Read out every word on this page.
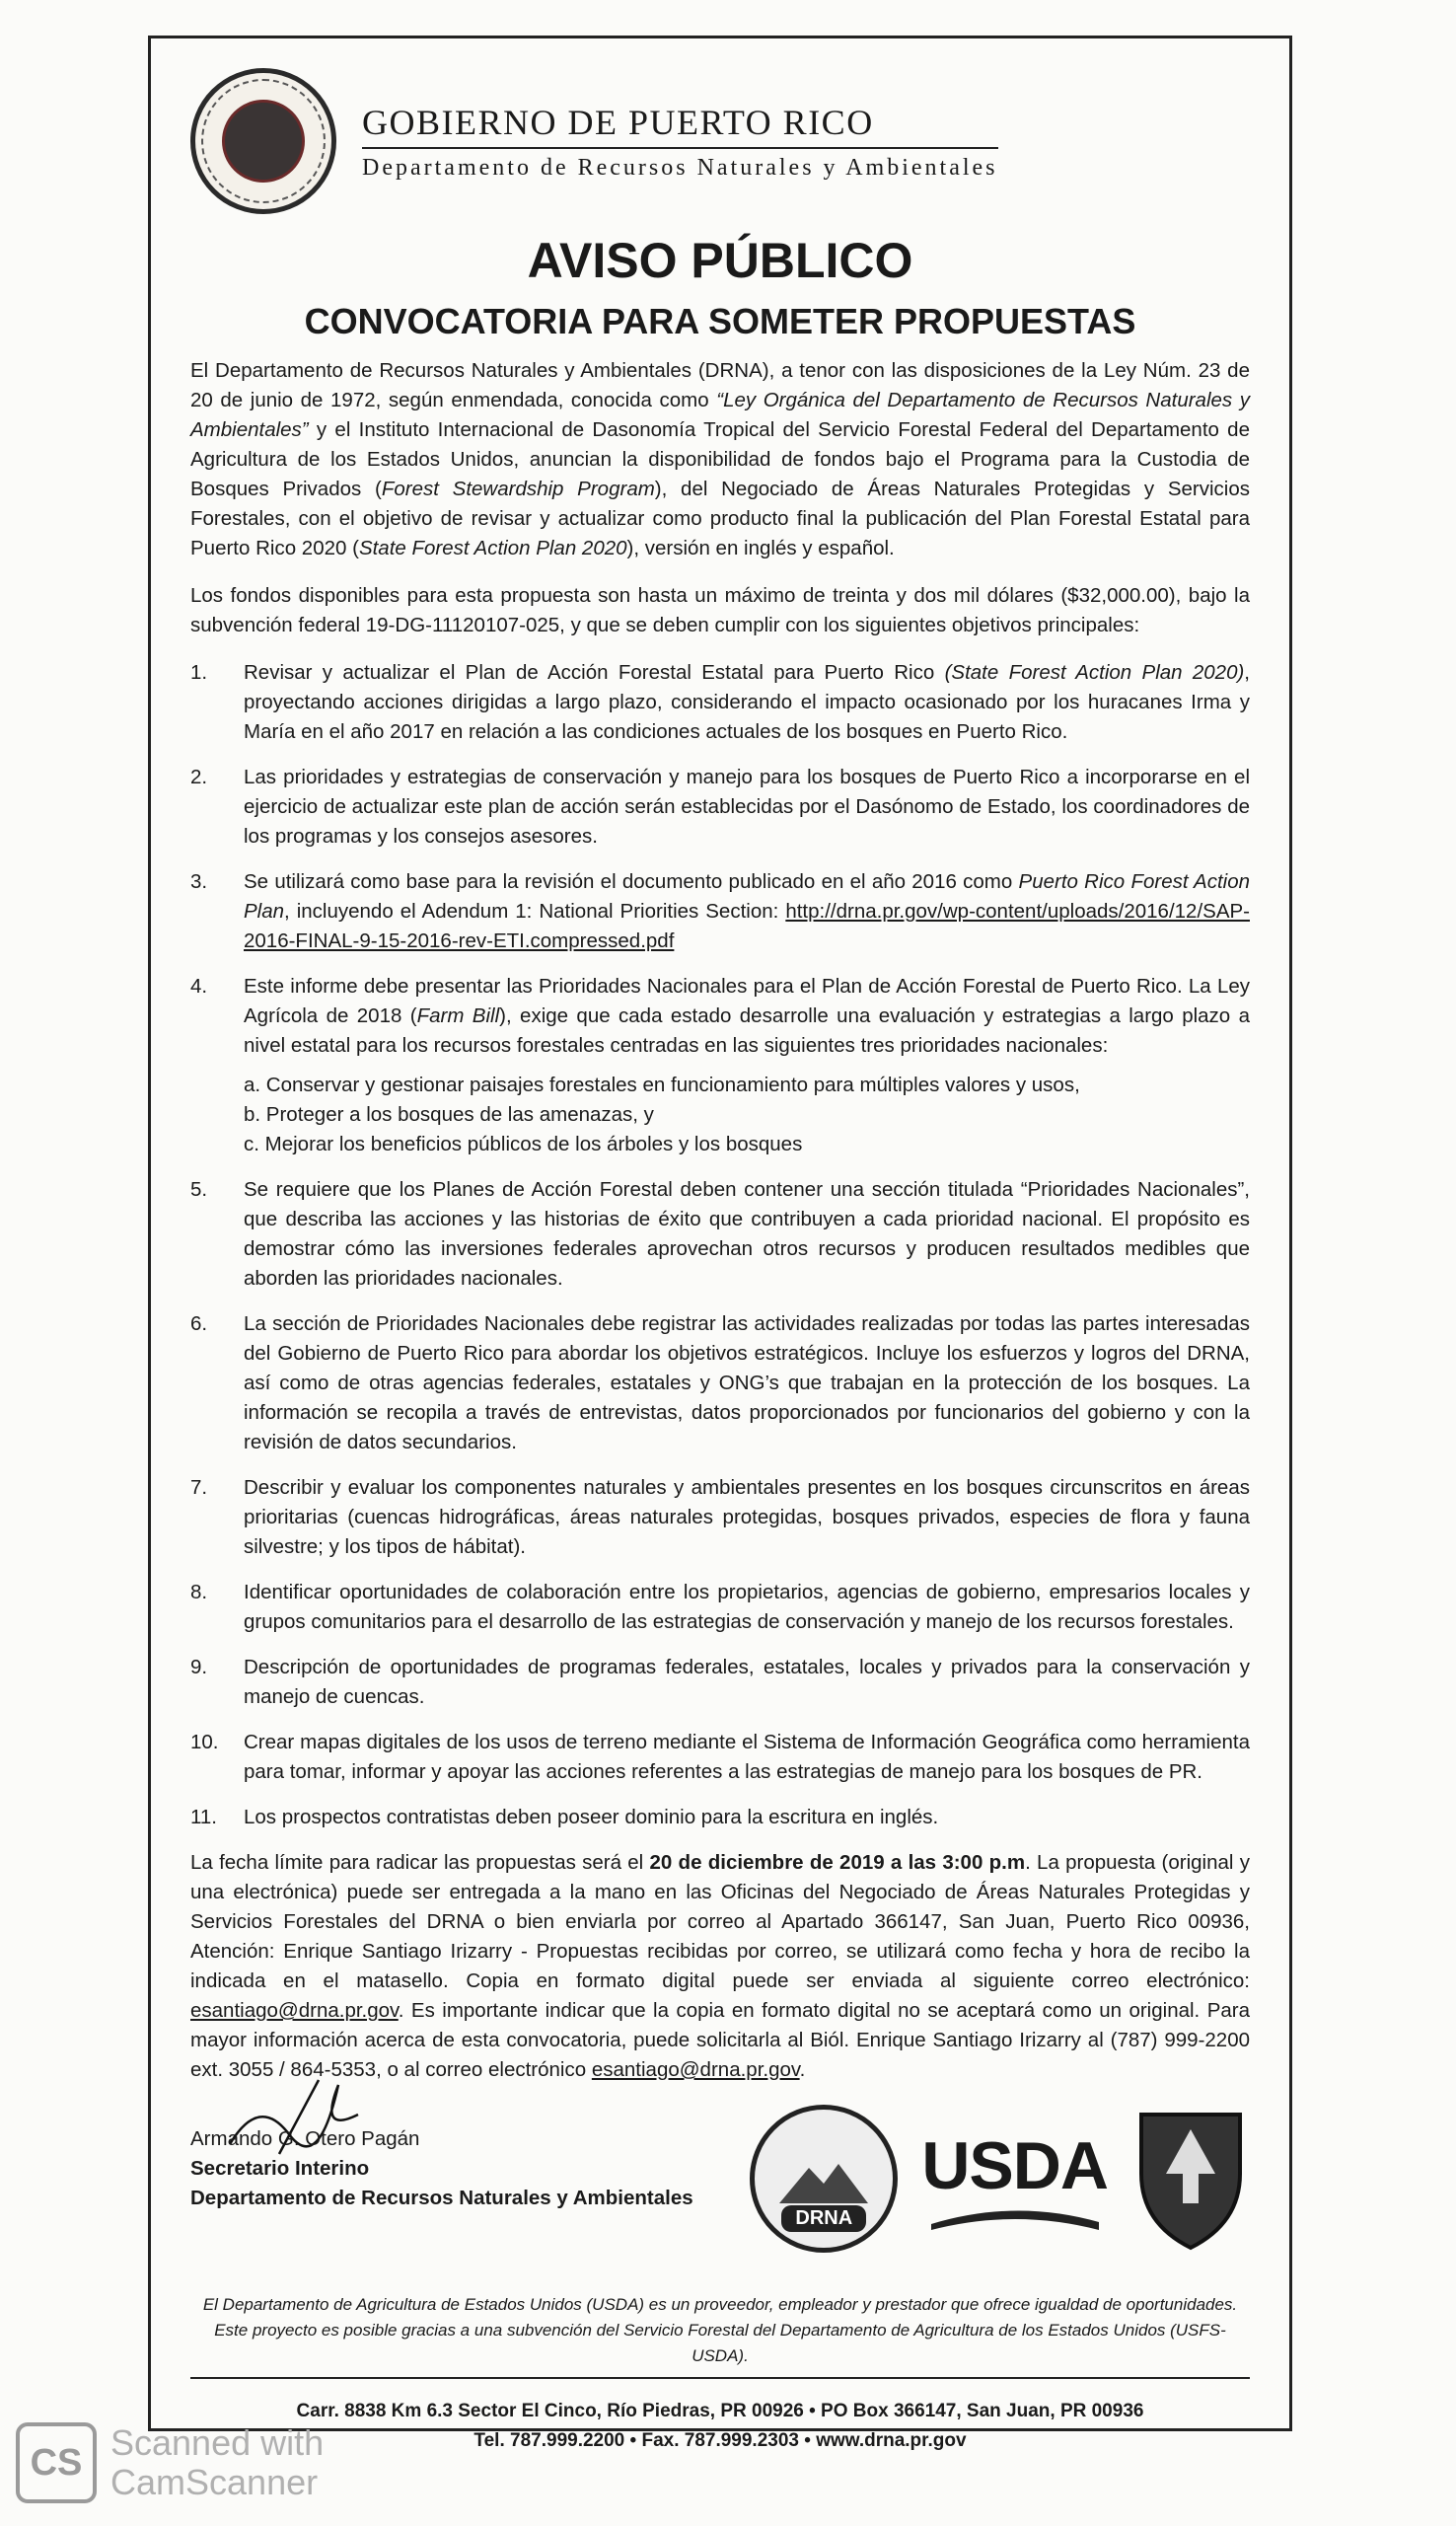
GOBIERNO DE PUERTO RICO
Departamento de Recursos Naturales y Ambientales
AVISO PÚBLICO
CONVOCATORIA PARA SOMETER PROPUESTAS

El Departamento de Recursos Naturales y Ambientales (DRNA), a tenor con las disposiciones de la Ley Núm. 23 de 20 de junio de 1972, según enmendada, conocida como “Ley Orgánica del Departamento de Recursos Naturales y Ambientales” y el Instituto Internacional de Dasonomía Tropical del Servicio Forestal Federal del Departamento de Agricultura de los Estados Unidos, anuncian la disponibilidad de fondos bajo el Programa para la Custodia de Bosques Privados (Forest Stewardship Program), del Negociado de Áreas Naturales Protegidas y Servicios Forestales, con el objetivo de revisar y actualizar como producto final la publicación del Plan Forestal Estatal para Puerto Rico 2020 (State Forest Action Plan 2020), versión en inglés y español.

Los fondos disponibles para esta propuesta son hasta un máximo de treinta y dos mil dólares ($32,000.00), bajo la subvención federal 19-DG-11120107-025, y que se deben cumplir con los siguientes objetivos principales:

1.	Revisar y actualizar el Plan de Acción Forestal Estatal para Puerto Rico (State Forest Action Plan 2020), proyectando acciones dirigidas a largo plazo, considerando el impacto ocasionado por los huracanes Irma y María en el año 2017 en relación a las condiciones actuales de los bosques en Puerto Rico.
2.	Las prioridades y estrategias de conservación y manejo para los bosques de Puerto Rico a incorporarse en el ejercicio de actualizar este plan de acción serán establecidas por el Dasónomo de Estado, los coordinadores de los programas y los consejos asesores.
3.	Se utilizará como base para la revisión el documento publicado en el año 2016 como Puerto Rico Forest Action Plan, incluyendo el Adendum 1: National Priorities Section: http://drna.pr.gov/wp-content/uploads/2016/12/SAP-2016-FINAL-9-15-2016-rev-ETI.compressed.pdf
4.	Este informe debe presentar las Prioridades Nacionales para el Plan de Acción Forestal de Puerto Rico. La Ley Agrícola de 2018 (Farm Bill), exige que cada estado desarrolle una evaluación y estrategias a largo plazo a nivel estatal para los recursos forestales centradas en las siguientes tres prioridades nacionales:
a. Conservar y gestionar paisajes forestales en funcionamiento para múltiples valores y usos,
b. Proteger a los bosques de las amenazas, y
c. Mejorar los beneficios públicos de los árboles y los bosques
5.	Se requiere que los Planes de Acción Forestal deben contener una sección titulada “Prioridades Nacionales”, que describa las acciones y las historias de éxito que contribuyen a cada prioridad nacional. El propósito es demostrar cómo las inversiones federales aprovechan otros recursos y producen resultados medibles que aborden las prioridades nacionales.
6.	La sección de Prioridades Nacionales debe registrar las actividades realizadas por todas las partes interesadas del Gobierno de Puerto Rico para abordar los objetivos estratégicos. Incluye los esfuerzos y logros del DRNA, así como de otras agencias federales, estatales y ONG’s que trabajan en la protección de los bosques. La información se recopila a través de entrevistas, datos proporcionados por funcionarios del gobierno y con la revisión de datos secundarios.
7.	Describir y evaluar los componentes naturales y ambientales presentes en los bosques circunscritos en áreas prioritarias (cuencas hidrográficas, áreas naturales protegidas, bosques privados, especies de flora y fauna silvestre; y los tipos de hábitat).
8.	Identificar oportunidades de colaboración entre los propietarios, agencias de gobierno, empresarios locales y grupos comunitarios para el desarrollo de las estrategias de conservación y manejo de los recursos forestales.
9.	Descripción de oportunidades de programas federales, estatales, locales y privados para la conservación y manejo de cuencas.
10.	Crear mapas digitales de los usos de terreno mediante el Sistema de Información Geográfica como herramienta para tomar, informar y apoyar las acciones referentes a las estrategias de manejo para los bosques de PR.
11.	Los prospectos contratistas deben poseer dominio para la escritura en inglés.

La fecha límite para radicar las propuestas será el 20 de diciembre de 2019 a las 3:00 p.m. La propuesta (original y una electrónica) puede ser entregada a la mano en las Oficinas del Negociado de Áreas Naturales Protegidas y Servicios Forestales del DRNA o bien enviarla por correo al Apartado 366147, San Juan, Puerto Rico 00936, Atención: Enrique Santiago Irizarry - Propuestas recibidas por correo, se utilizará como fecha y hora de recibo la indicada en el matasello. Copia en formato digital puede ser enviada al siguiente correo electrónico: esantiago@drna.pr.gov. Es importante indicar que la copia en formato digital no se aceptará como un original. Para mayor información acerca de esta convocatoria, puede solicitarla al Biól. Enrique Santiago Irizarry al (787) 999-2200 ext. 3055 / 864-5353, o al correo electrónico esantiago@drna.pr.gov.

Armando G. Otero Pagán
Secretario Interino
Departamento de Recursos Naturales y Ambientales
DRNA
USDA
El Departamento de Agricultura de Estados Unidos (USDA) es un proveedor, empleador y prestador que ofrece igualdad de oportunidades.
Este proyecto es posible gracias a una subvención del Servicio Forestal del Departamento de Agricultura de los Estados Unidos (USFS-USDA).
Carr. 8838 Km 6.3 Sector El Cinco, Río Piedras, PR 00926 • PO Box 366147, San Juan, PR 00936
Tel. 787.999.2200 • Fax. 787.999.2303 • www.drna.pr.gov
CS Scanned with
CamScanner
